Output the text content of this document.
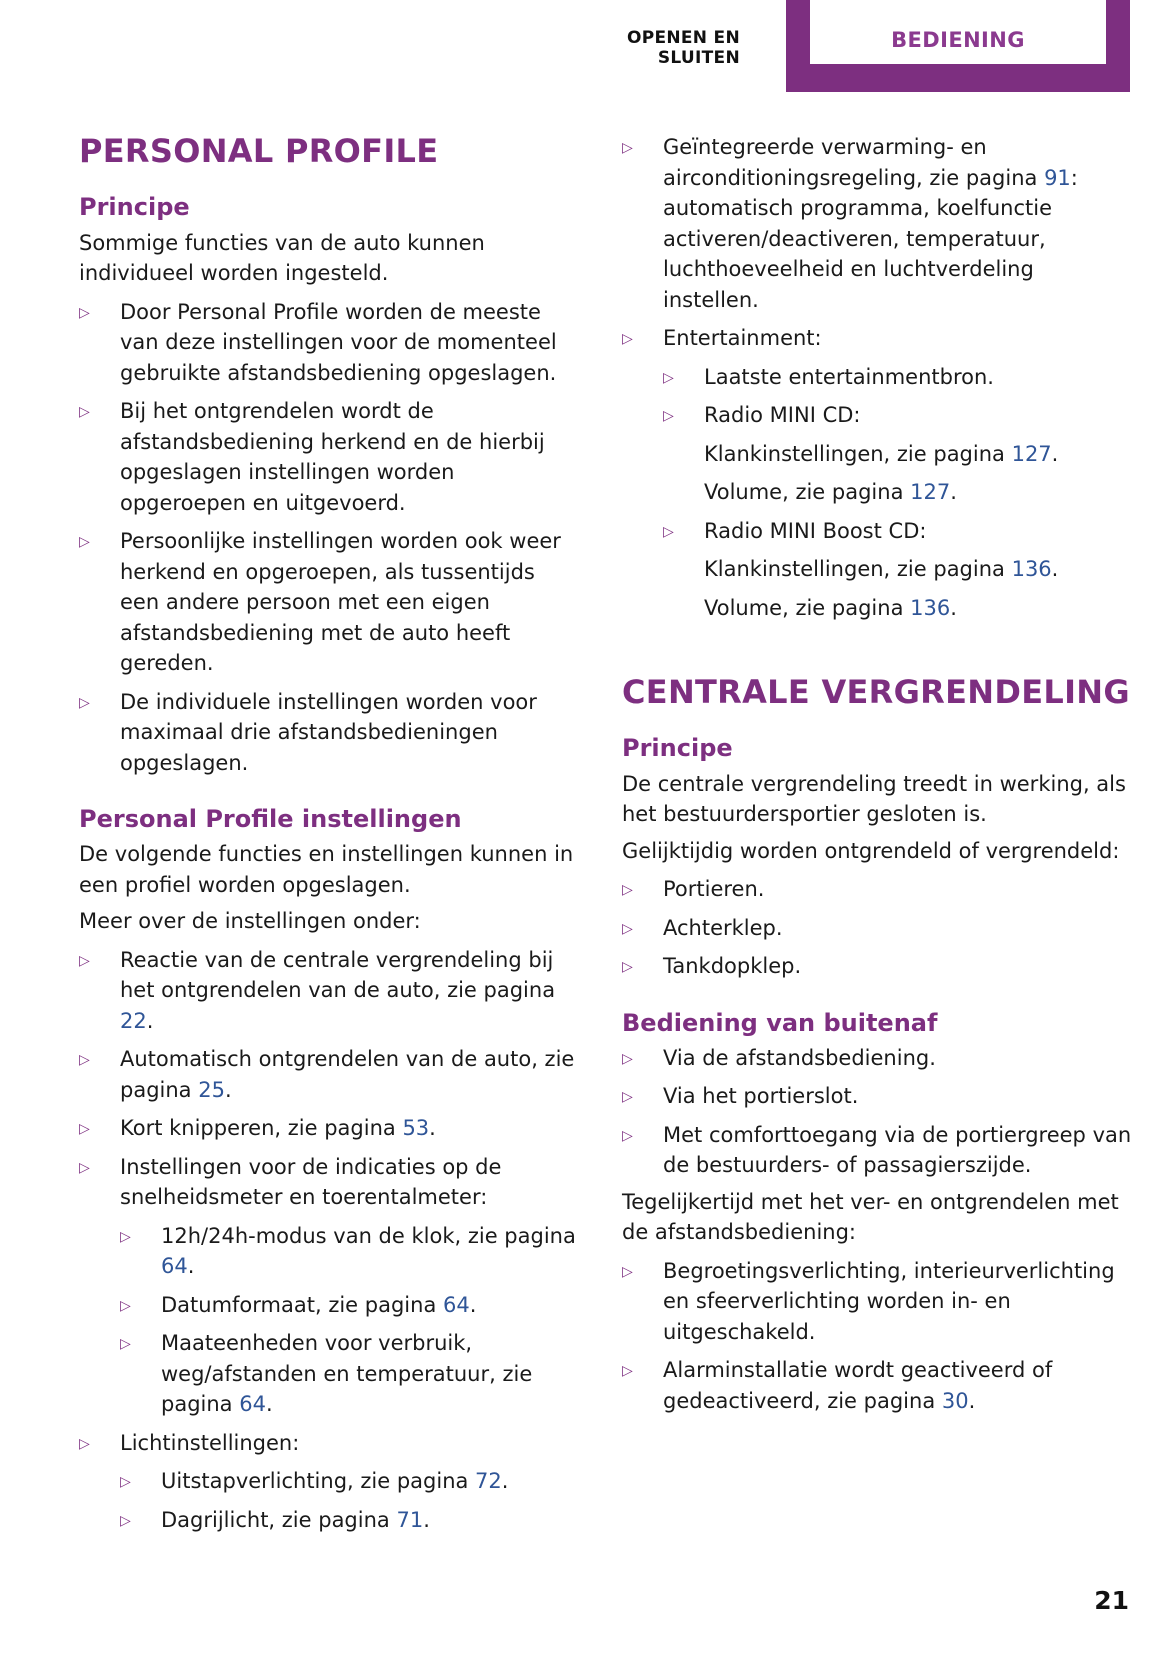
OPENEN EN SLUITEN
BEDIENING
PERSONAL PROFILE
Principe

Sommige functies van de auto kunnen individueel worden ingesteld.

▷ Door Personal Profile worden de meeste van deze instellingen voor de momenteel gebruikte afstandsbediening opgeslagen.
▷ Bij het ontgrendelen wordt de afstandsbediening herkend en de hierbij opgeslagen instellingen worden opgeroepen en uitgevoerd.
▷ Persoonlijke instellingen worden ook weer herkend en opgeroepen, als tussentijds een andere persoon met een eigen afstandsbediening met de auto heeft gereden.
▷ De individuele instellingen worden voor maximaal drie afstandsbedieningen opgeslagen.
Personal Profile instellingen

De volgende functies en instellingen kunnen in een profiel worden opgeslagen.

Meer over de instellingen onder:

▷ Reactie van de centrale vergrendeling bij het ontgrendelen van de auto, zie pagina 22.
▷ Automatisch ontgrendelen van de auto, zie pagina 25.
▷ Kort knipperen, zie pagina 53.
▷ Instellingen voor de indicaties op de snelheidsmeter en toerentalmeter:
▷ 12h/24h-modus van de klok, zie pagina 64.
▷ Datumformaat, zie pagina 64.
▷ Maateenheden voor verbruik, weg/afstanden en temperatuur, zie pagina 64.
▷ Lichtinstellingen:
▷ Uitstapverlichting, zie pagina 72.
▷ Dagrijlicht, zie pagina 71.
▷ Geïntegreerde verwarming- en airconditioningsregeling, zie pagina 91: automatisch programma, koelfunctie activeren/deactiveren, temperatuur, luchthoeveelheid en luchtverdeling instellen.
▷ Entertainment:
▷ Laatste entertainmentbron.
▷ Radio MINI CD:
Klankinstellingen, zie pagina 127.
Volume, zie pagina 127.
▷ Radio MINI Boost CD:
Klankinstellingen, zie pagina 136.
Volume, zie pagina 136.
CENTRALE VERGRENDELING
Principe

De centrale vergrendeling treedt in werking, als het bestuurdersportier gesloten is.

Gelijktijdig worden ontgrendeld of vergrendeld:

▷ Portieren.
▷ Achterklep.
▷ Tankdopklep.
Bediening van buitenaf
▷ Via de afstandsbediening.
▷ Via het portierslot.
▷ Met comforttoegang via de portiergreep van de bestuurders- of passagierszijde.

Tegelijkertijd met het ver- en ontgrendelen met de afstandsbediening:

▷ Begroetingsverlichting, interieurverlichting en sfeerverlichting worden in- en uitgeschakeld.
▷ Alarminstallatie wordt geactiveerd of gedeactiveerd, zie pagina 30.
21
